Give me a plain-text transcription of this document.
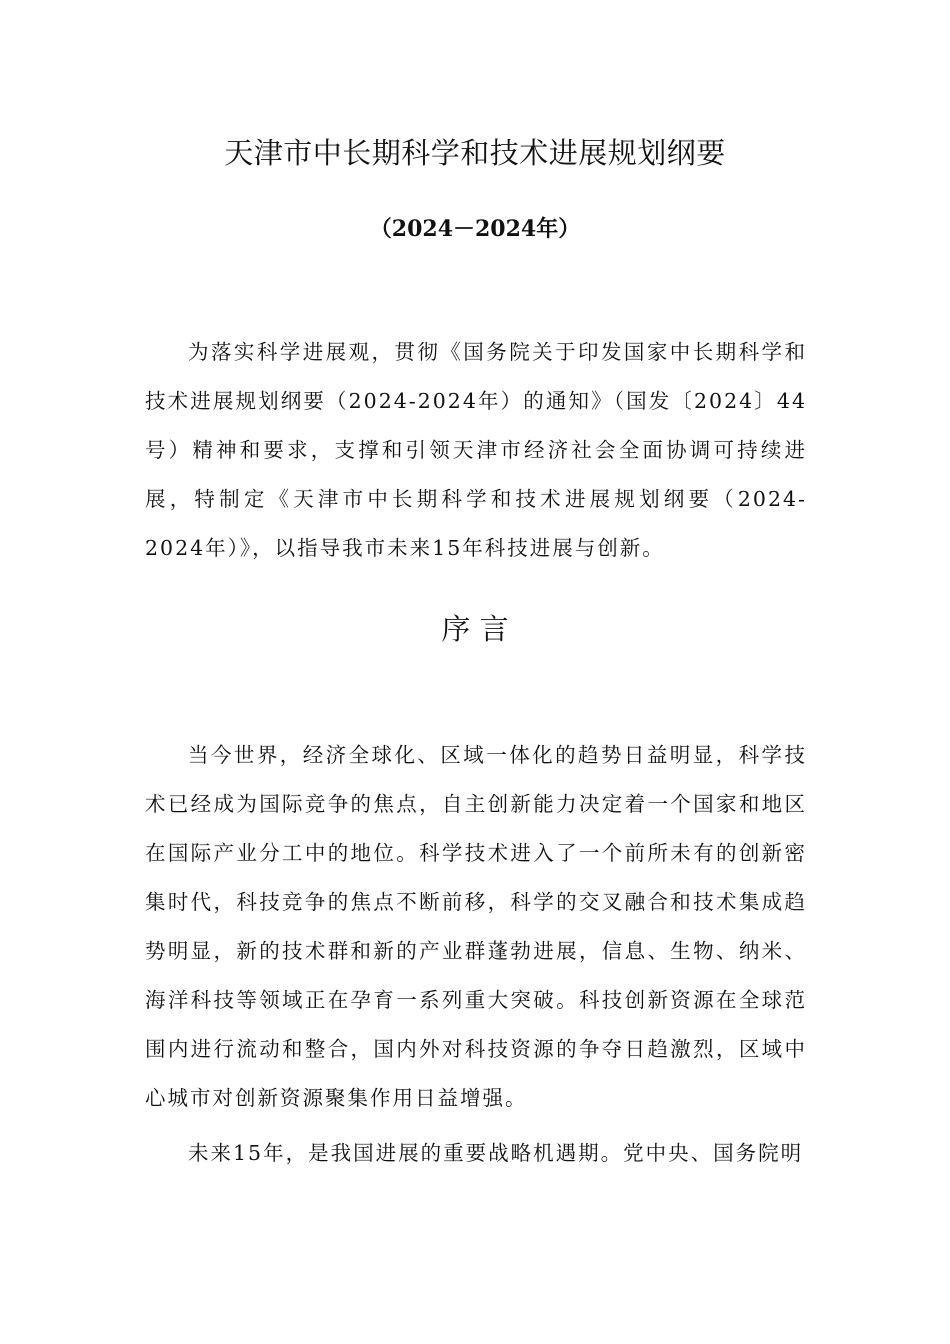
天津市中长期科学和技术进展规划纲要
（2024－2024年）

为落实科学进展观，贯彻《国务院关于印发国家中长期科学和技术进展规划纲要（2024-2024年）的通知》（国发〔2024〕44号）精神和要求，支撑和引领天津市经济社会全面协调可持续进展，特制定《天津市中长期科学和技术进展规划纲要（2024-2024年）》，以指导我市未来15年科技进展与创新。

序 言

当今世界，经济全球化、区域一体化的趋势日益明显，科学技术已经成为国际竞争的焦点，自主创新能力决定着一个国家和地区在国际产业分工中的地位。科学技术进入了一个前所未有的创新密集时代，科技竞争的焦点不断前移，科学的交叉融合和技术集成趋势明显，新的技术群和新的产业群蓬勃进展，信息、生物、纳米、海洋科技等领域正在孕育一系列重大突破。科技创新资源在全球范围内进行流动和整合，国内外对科技资源的争夺日趋激烈，区域中心城市对创新资源聚集作用日益增强。

未来15年，是我国进展的重要战略机遇期。党中央、国务院明
